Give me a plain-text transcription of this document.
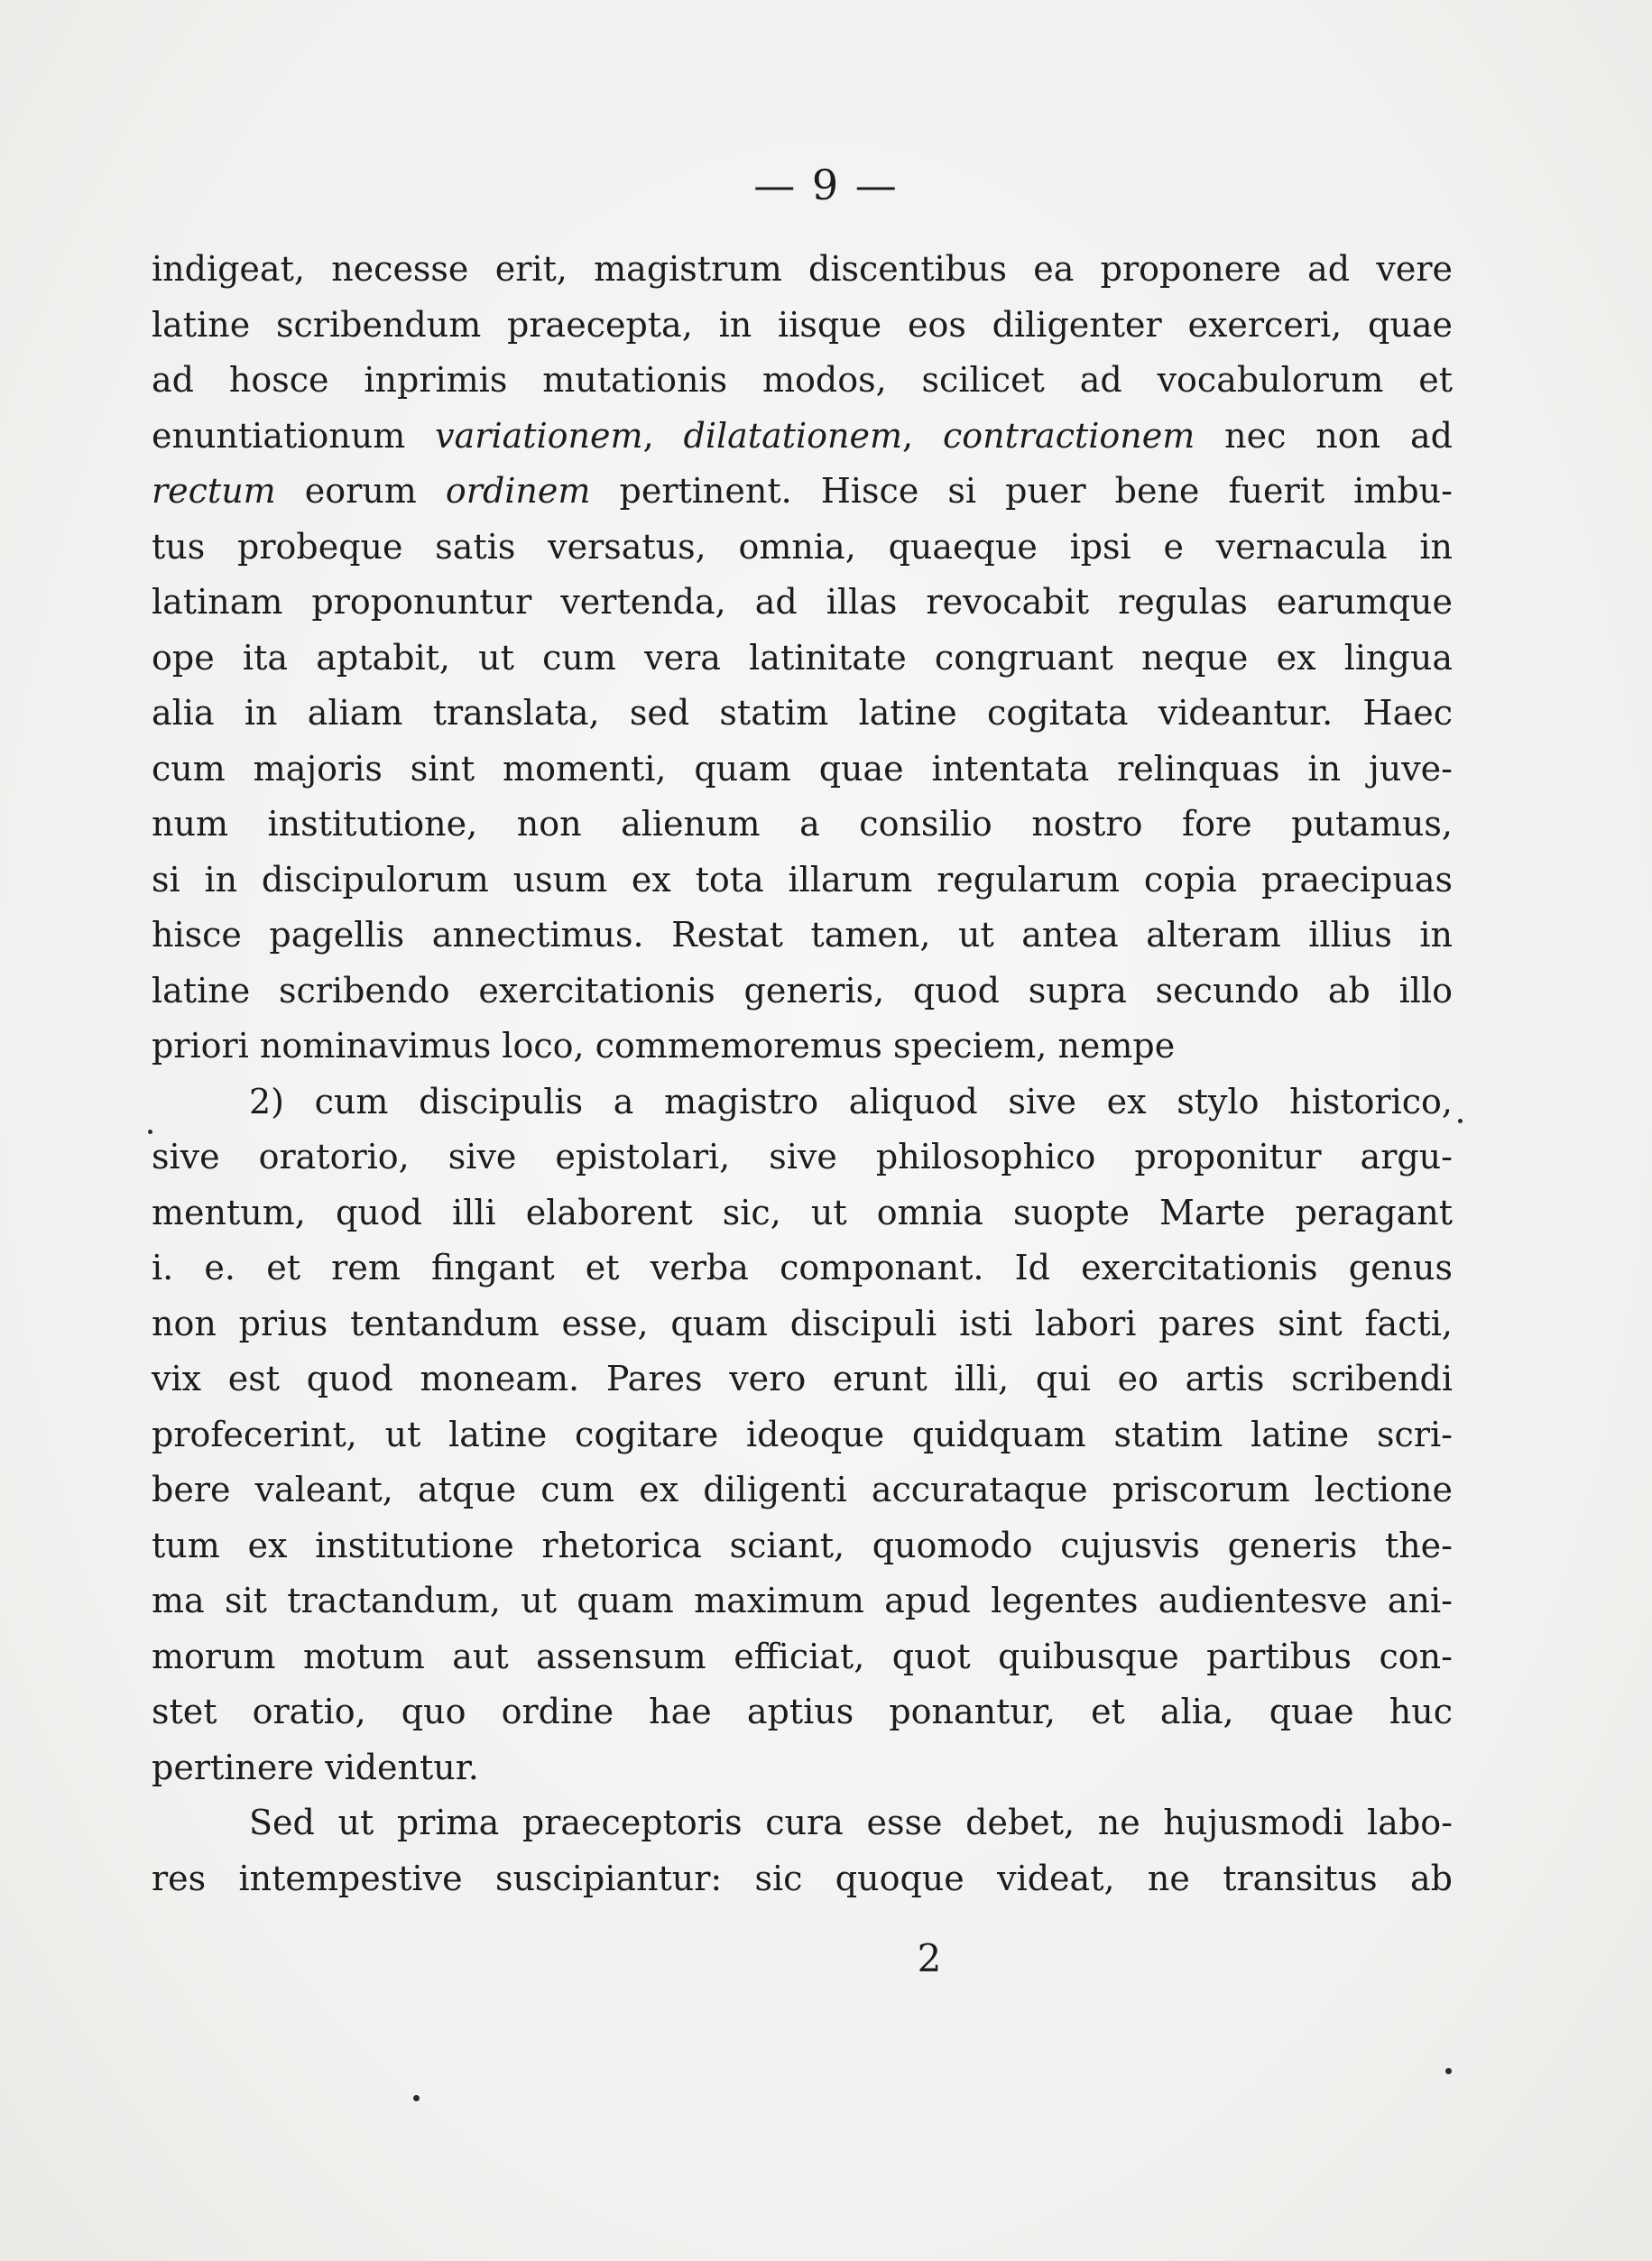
— 9 —
indigeat, necesse erit, magistrum discentibus ea proponere ad vere
latine scribendum praecepta, in iisque eos diligenter exerceri, quae
ad hosce inprimis mutationis modos, scilicet ad vocabulorum et
enuntiationum variationem, dilatationem, contractionem nec non ad
rectum eorum ordinem pertinent. Hisce si puer bene fuerit imbu-
tus probeque satis versatus, omnia, quaeque ipsi e vernacula in
latinam proponuntur vertenda, ad illas revocabit regulas earumque
ope ita aptabit, ut cum vera latinitate congruant neque ex lingua
alia in aliam translata, sed statim latine cogitata videantur. Haec
cum majoris sint momenti, quam quae intentata relinquas in juve-
num institutione, non alienum a consilio nostro fore putamus,
si in discipulorum usum ex tota illarum regularum copia praecipuas
hisce pagellis annectimus. Restat tamen, ut antea alteram illius in
latine scribendo exercitationis generis, quod supra secundo ab illo
priori nominavimus loco, commemoremus speciem, nempe
2) cum discipulis a magistro aliquod sive ex stylo historico,
sive oratorio, sive epistolari, sive philosophico proponitur argu-
mentum, quod illi elaborent sic, ut omnia suopte Marte peragant
i. e. et rem fingant et verba componant. Id exercitationis genus
non prius tentandum esse, quam discipuli isti labori pares sint facti,
vix est quod moneam. Pares vero erunt illi, qui eo artis scribendi
profecerint, ut latine cogitare ideoque quidquam statim latine scri-
bere valeant, atque cum ex diligenti accurataque priscorum lectione
tum ex institutione rhetorica sciant, quomodo cujusvis generis the-
ma sit tractandum, ut quam maximum apud legentes audientesve ani-
morum motum aut assensum efficiat, quot quibusque partibus con-
stet oratio, quo ordine hae aptius ponantur, et alia, quae huc
pertinere videntur.
Sed ut prima praeceptoris cura esse debet, ne hujusmodi labo-
res intempestive suscipiantur: sic quoque videat, ne transitus ab
2
